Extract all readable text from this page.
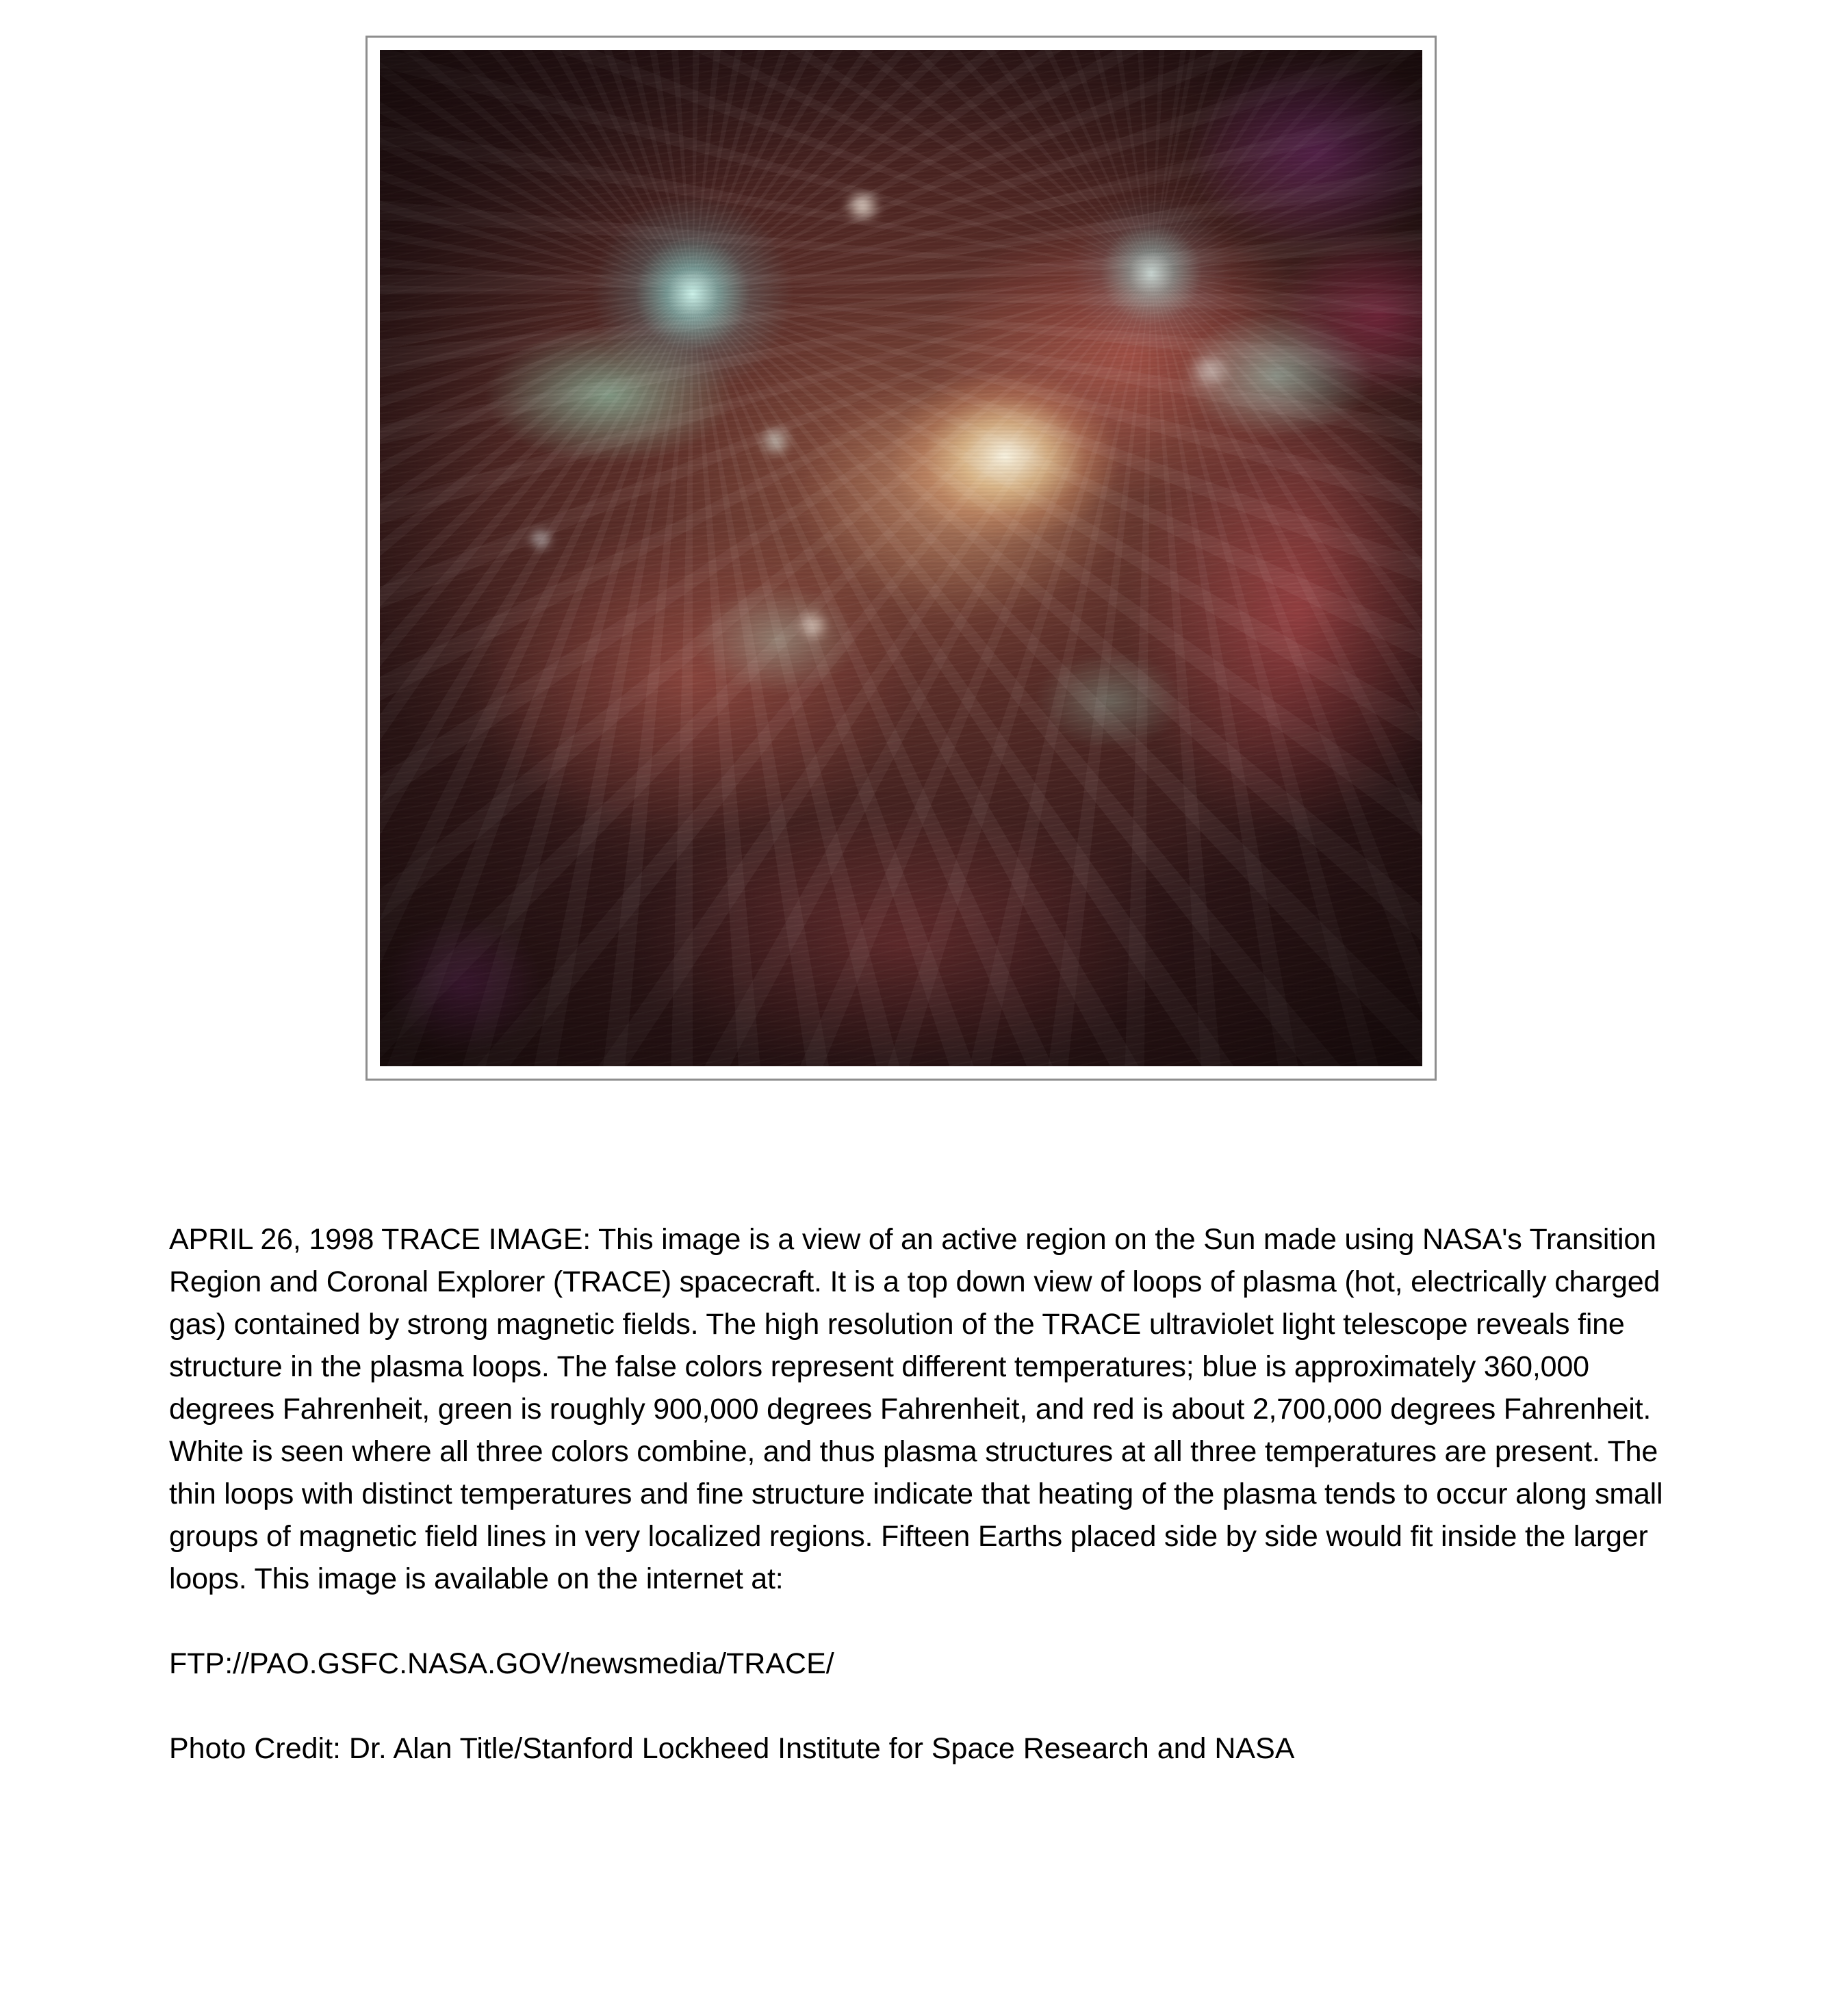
APRIL 26, 1998 TRACE IMAGE: This image is a view of an active region on the Sun made using NASA's Transition Region and Coronal Explorer (TRACE) spacecraft. It is a top down view of loops of plasma (hot, electrically charged gas) contained by strong magnetic fields. The high resolution of the TRACE ultraviolet light telescope reveals fine structure in the plasma loops. The false colors represent different temperatures; blue is approximately 360,000 degrees Fahrenheit, green is roughly 900,000 degrees Fahrenheit, and red is about 2,700,000 degrees Fahrenheit. White is seen where all three colors combine, and thus plasma structures at all three temperatures are present. The thin loops with distinct temperatures and fine structure indicate that heating of the plasma tends to occur along small groups of magnetic field lines in very localized regions. Fifteen Earths placed side by side would fit inside the larger loops. This image is available on the internet at:

FTP://PAO.GSFC.NASA.GOV/newsmedia/TRACE/

Photo Credit: Dr. Alan Title/Stanford Lockheed Institute for Space Research and NASA
